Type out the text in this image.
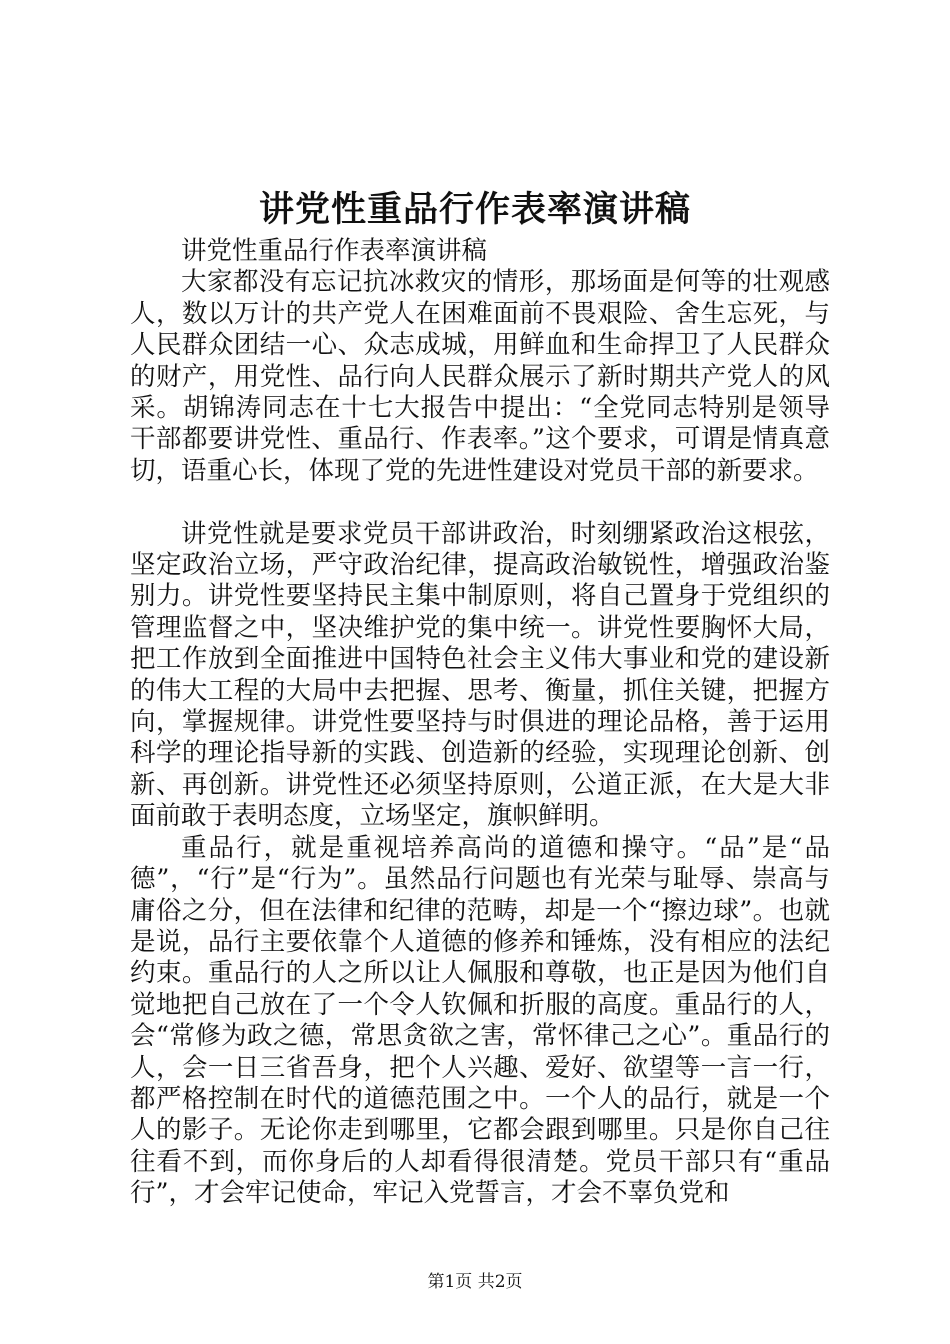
讲党性重品行作表率演讲稿

讲党性重品行作表率演讲稿

大家都没有忘记抗冰救灾的情形，那场面是何等的壮观感人，数以万计的共产党人在困难面前不畏艰险、舍生忘死，与人民群众团结一心、众志成城，用鲜血和生命捍卫了人民群众的财产，用党性、品行向人民群众展示了新时期共产党人的风采。胡锦涛同志在十七大报告中提出：“全党同志特别是领导干部都要讲党性、重品行、作表率。”这个要求，可谓是情真意切，语重心长，体现了党的先进性建设对党员干部的新要求。

讲党性就是要求党员干部讲政治，时刻绷紧政治这根弦，坚定政治立场，严守政治纪律，提高政治敏锐性，增强政治鉴别力。讲党性要坚持民主集中制原则，将自己置身于党组织的管理监督之中，坚决维护党的集中统一。讲党性要胸怀大局，把工作放到全面推进中国特色社会主义伟大事业和党的建设新的伟大工程的大局中去把握、思考、衡量，抓住关键，把握方向，掌握规律。讲党性要坚持与时俱进的理论品格，善于运用科学的理论指导新的实践、创造新的经验，实现理论创新、创新、再创新。讲党性还必须坚持原则，公道正派，在大是大非面前敢于表明态度，立场坚定，旗帜鲜明。

重品行，就是重视培养高尚的道德和操守。“品”是“品德”，“行”是“行为”。虽然品行问题也有光荣与耻辱、崇高与庸俗之分，但在法律和纪律的范畴，却是一个“擦边球”。也就是说，品行主要依靠个人道德的修养和锤炼，没有相应的法纪约束。重品行的人之所以让人佩服和尊敬，也正是因为他们自觉地把自己放在了一个令人钦佩和折服的高度。重品行的人，会“常修为政之德，常思贪欲之害，常怀律己之心”。重品行的人，会一日三省吾身，把个人兴趣、爱好、欲望等一言一行，都严格控制在时代的道德范围之中。一个人的品行，就是一个人的影子。无论你走到哪里，它都会跟到哪里。只是你自己往往看不到，而你身后的人却看得很清楚。党员干部只有“重品行”，才会牢记使命，牢记入党誓言，才会不辜负党和

第1页 共2页
